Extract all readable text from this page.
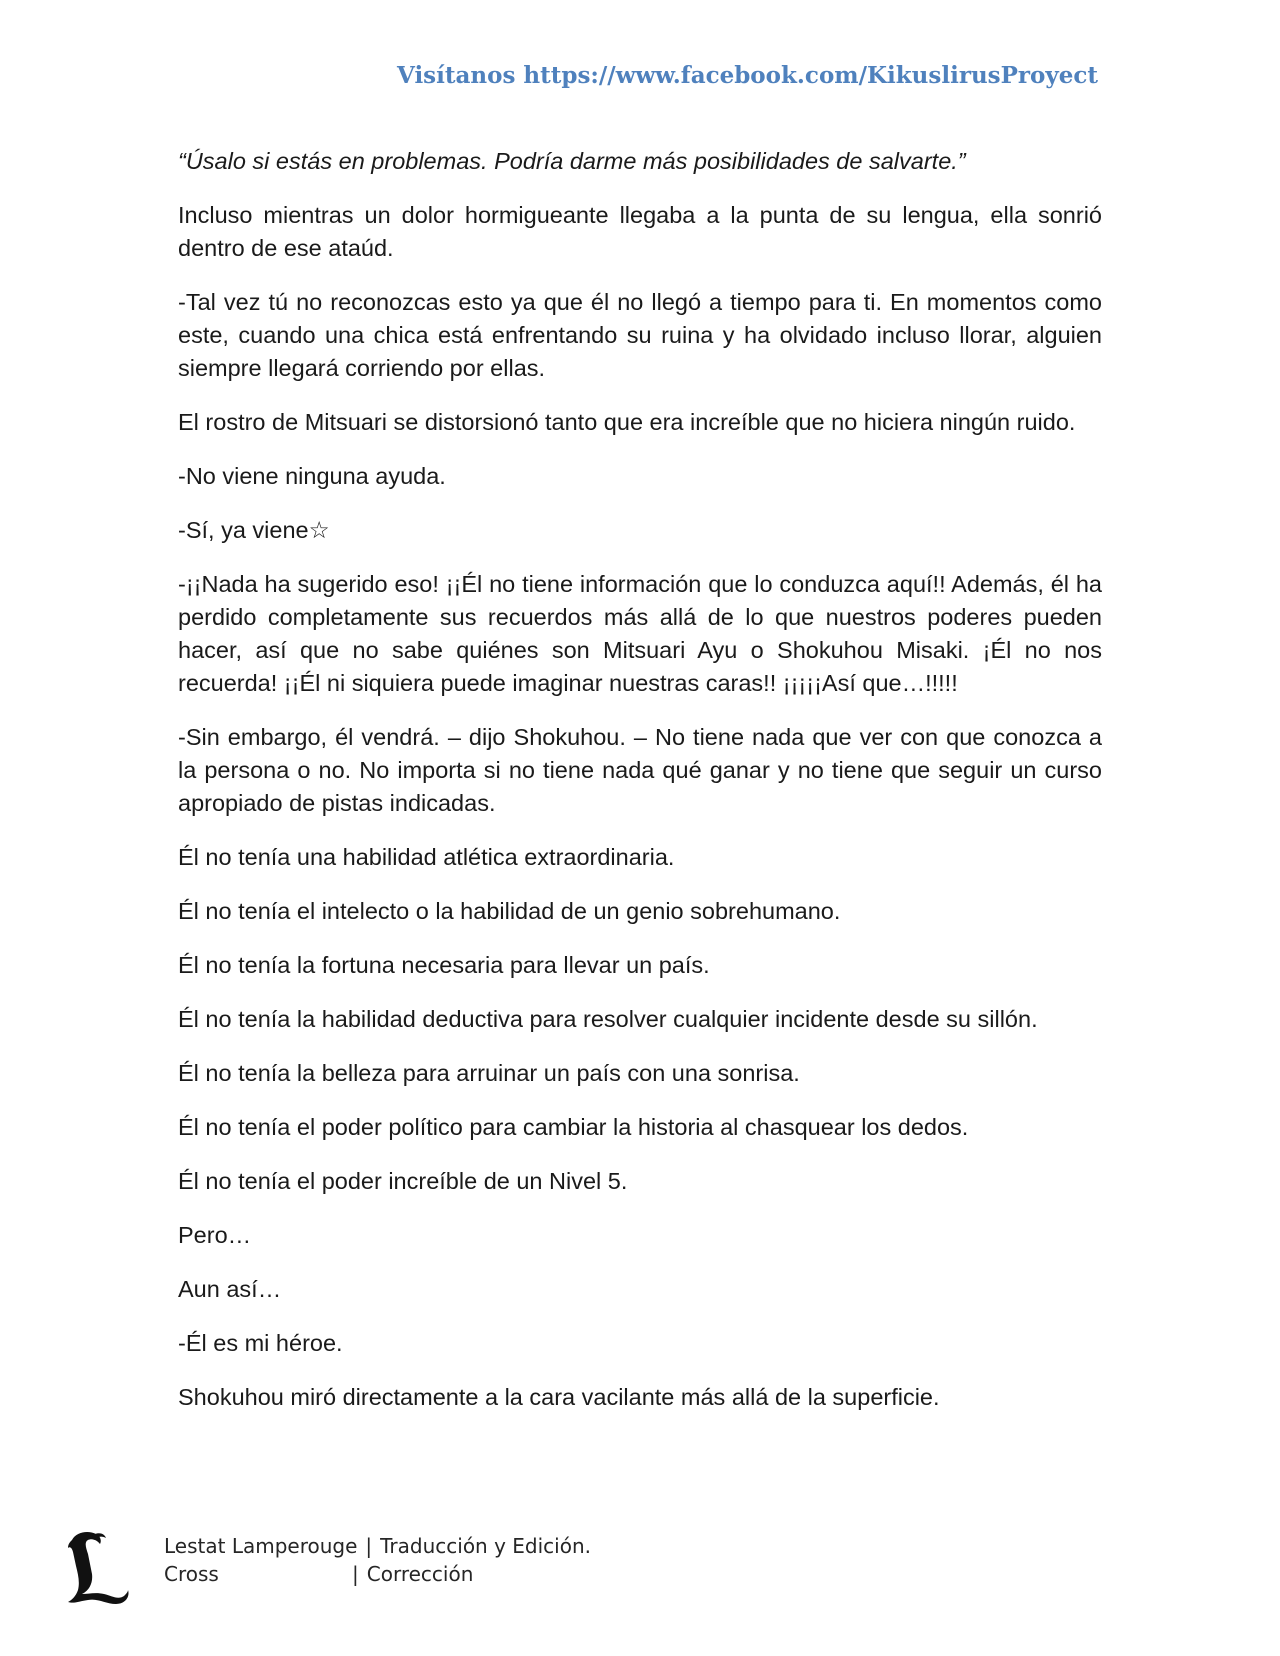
Visítanos https://www.facebook.com/KikuslirusProyect

“Úsalo si estás en problemas. Podría darme más posibilidades de salvarte.”

Incluso mientras un dolor hormigueante llegaba a la punta de su lengua, ella sonrió dentro de ese ataúd.

-Tal vez tú no reconozcas esto ya que él no llegó a tiempo para ti. En momentos como este, cuando una chica está enfrentando su ruina y ha olvidado incluso llorar, alguien siempre llegará corriendo por ellas.

El rostro de Mitsuari se distorsionó tanto que era increíble que no hiciera ningún ruido.

-No viene ninguna ayuda.

-Sí, ya viene☆

-¡¡Nada ha sugerido eso! ¡¡Él no tiene información que lo conduzca aquí!! Además, él ha perdido completamente sus recuerdos más allá de lo que nuestros poderes pueden hacer, así que no sabe quiénes son Mitsuari Ayu o Shokuhou Misaki. ¡Él no nos recuerda! ¡¡Él ni siquiera puede imaginar nuestras caras!! ¡¡¡¡¡Así que…!!!!!

-Sin embargo, él vendrá. – dijo Shokuhou. – No tiene nada que ver con que conozca a la persona o no. No importa si no tiene nada qué ganar y no tiene que seguir un curso apropiado de pistas indicadas.

Él no tenía una habilidad atlética extraordinaria.

Él no tenía el intelecto o la habilidad de un genio sobrehumano.

Él no tenía la fortuna necesaria para llevar un país.

Él no tenía la habilidad deductiva para resolver cualquier incidente desde su sillón.

Él no tenía la belleza para arruinar un país con una sonrisa.

Él no tenía el poder político para cambiar la historia al chasquear los dedos.

Él no tenía el poder increíble de un Nivel 5.

Pero…

Aun así…

-Él es mi héroe.

Shokuhou miró directamente a la cara vacilante más allá de la superficie.

Lestat Lamperouge | Traducción y Edición.
Cross	| Corrección
